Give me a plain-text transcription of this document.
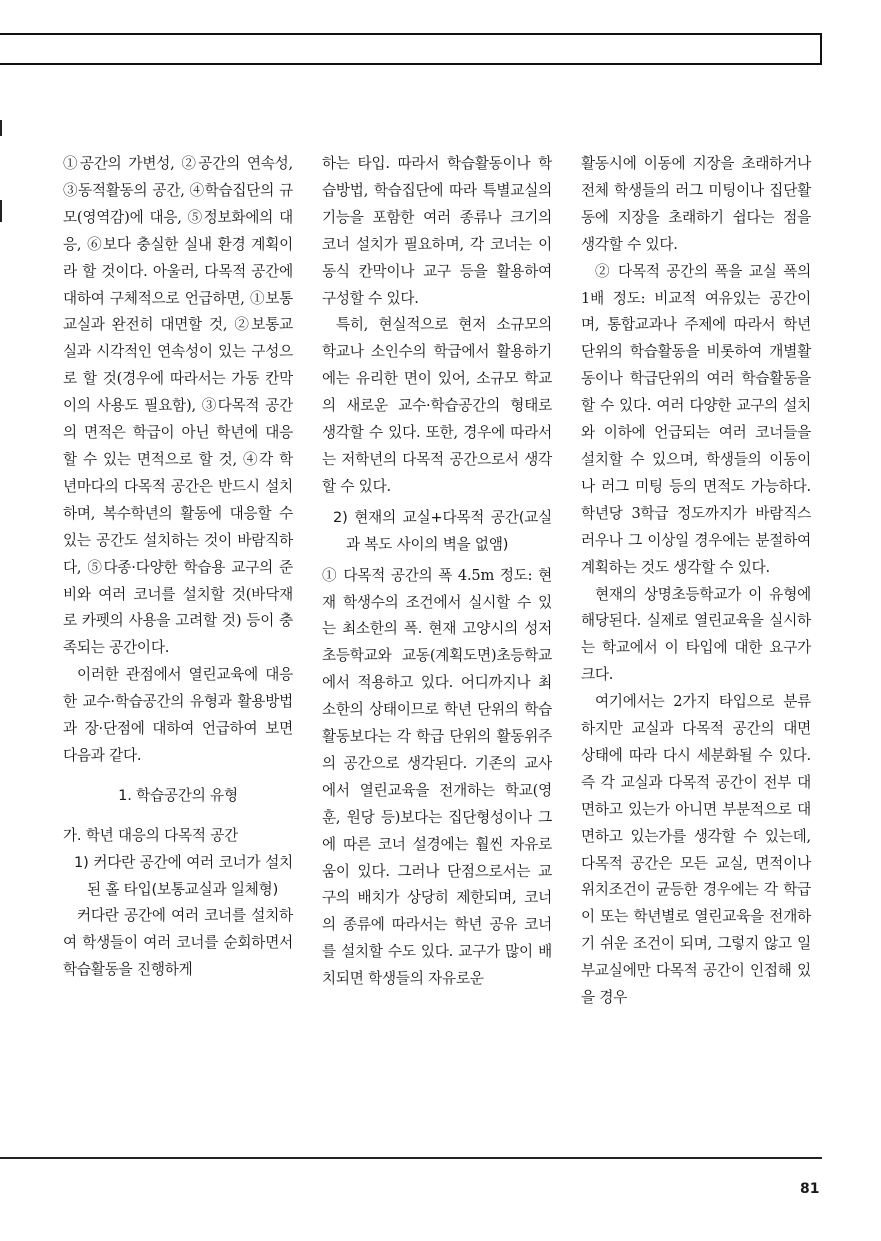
①공간의 가변성, ②공간의 연속성, ③동적활동의 공간, ④학습집단의 규모(영역감)에 대응, ⑤정보화에의 대응, ⑥보다 충실한 실내 환경 계획이라 할 것이다. 아울러, 다목적 공간에 대하여 구체적으로 언급하면, ①보통교실과 완전히 대면할 것, ②보통교실과 시각적인 연속성이 있는 구성으로 할 것(경우에 따라서는 가동 칸막이의 사용도 필요함), ③다목적 공간의 면적은 학급이 아닌 학년에 대응할 수 있는 면적으로 할 것, ④각 학년마다의 다목적 공간은 반드시 설치하며, 복수학년의 활동에 대응할 수 있는 공간도 설치하는 것이 바람직하다, ⑤다종·다양한 학습용 교구의 준비와 여러 코너를 설치할 것(바닥재로 카펫의 사용을 고려할 것) 등이 충족되는 공간이다.

이러한 관점에서 열린교육에 대응한 교수·학습공간의 유형과 활용방법과 장·단점에 대하여 언급하여 보면 다음과 같다.

1. 학습공간의 유형

가. 학년 대응의 다목적 공간

1) 커다란 공간에 여러 코너가 설치된 홀 타입(보통교실과 일체형)

커다란 공간에 여러 코너를 설치하여 학생들이 여러 코너를 순회하면서 학습활동을 진행하게

하는 타입. 따라서 학습활동이나 학습방법, 학습집단에 따라 특별교실의 기능을 포함한 여러 종류나 크기의 코너 설치가 필요하며, 각 코너는 이동식 칸막이나 교구 등을 활용하여 구성할 수 있다.

특히, 현실적으로 현저 소규모의 학교나 소인수의 학급에서 활용하기에는 유리한 면이 있어, 소규모 학교의 새로운 교수·학습공간의 형태로 생각할 수 있다. 또한, 경우에 따라서는 저학년의 다목적 공간으로서 생각할 수 있다.

2) 현재의 교실+다목적 공간(교실과 복도 사이의 벽을 없앰)

① 다목적 공간의 폭 4.5m 정도: 현재 학생수의 조건에서 실시할 수 있는 최소한의 폭. 현재 고양시의 성저초등학교와 교동(계획도면)초등학교에서 적용하고 있다. 어디까지나 최소한의 상태이므로 학년 단위의 학습활동보다는 각 학급 단위의 활동위주의 공간으로 생각된다. 기존의 교사에서 열린교육을 전개하는 학교(영훈, 원당 등)보다는 집단형성이나 그에 따른 코너 설경에는 훨씬 자유로움이 있다. 그러나 단점으로서는 교구의 배치가 상당히 제한되며, 코너의 종류에 따라서는 학년 공유 코너를 설치할 수도 있다. 교구가 많이 배치되면 학생들의 자유로운

활동시에 이동에 지장을 초래하거나 전체 학생들의 러그 미팅이나 집단활동에 지장을 초래하기 쉽다는 점을 생각할 수 있다.

② 다목적 공간의 폭을 교실 폭의 1배 정도: 비교적 여유있는 공간이며, 통합교과나 주제에 따라서 학년단위의 학습활동을 비롯하여 개별활동이나 학급단위의 여러 학습활동을 할 수 있다. 여러 다양한 교구의 설치와 이하에 언급되는 여러 코너들을 설치할 수 있으며, 학생들의 이동이나 러그 미팅 등의 면적도 가능하다. 학년당 3학급 정도까지가 바람직스러우나 그 이상일 경우에는 분절하여 계획하는 것도 생각할 수 있다.

현재의 상명초등학교가 이 유형에 해당된다. 실제로 열린교육을 실시하는 학교에서 이 타입에 대한 요구가 크다.

여기에서는 2가지 타입으로 분류하지만 교실과 다목적 공간의 대면 상태에 따라 다시 세분화될 수 있다. 즉 각 교실과 다목적 공간이 전부 대면하고 있는가 아니면 부분적으로 대면하고 있는가를 생각할 수 있는데, 다목적 공간은 모든 교실, 면적이나 위치조건이 균등한 경우에는 각 학급이 또는 학년별로 열린교육을 전개하기 쉬운 조건이 되며, 그렇지 않고 일부교실에만 다목적 공간이 인접해 있을 경우

81
